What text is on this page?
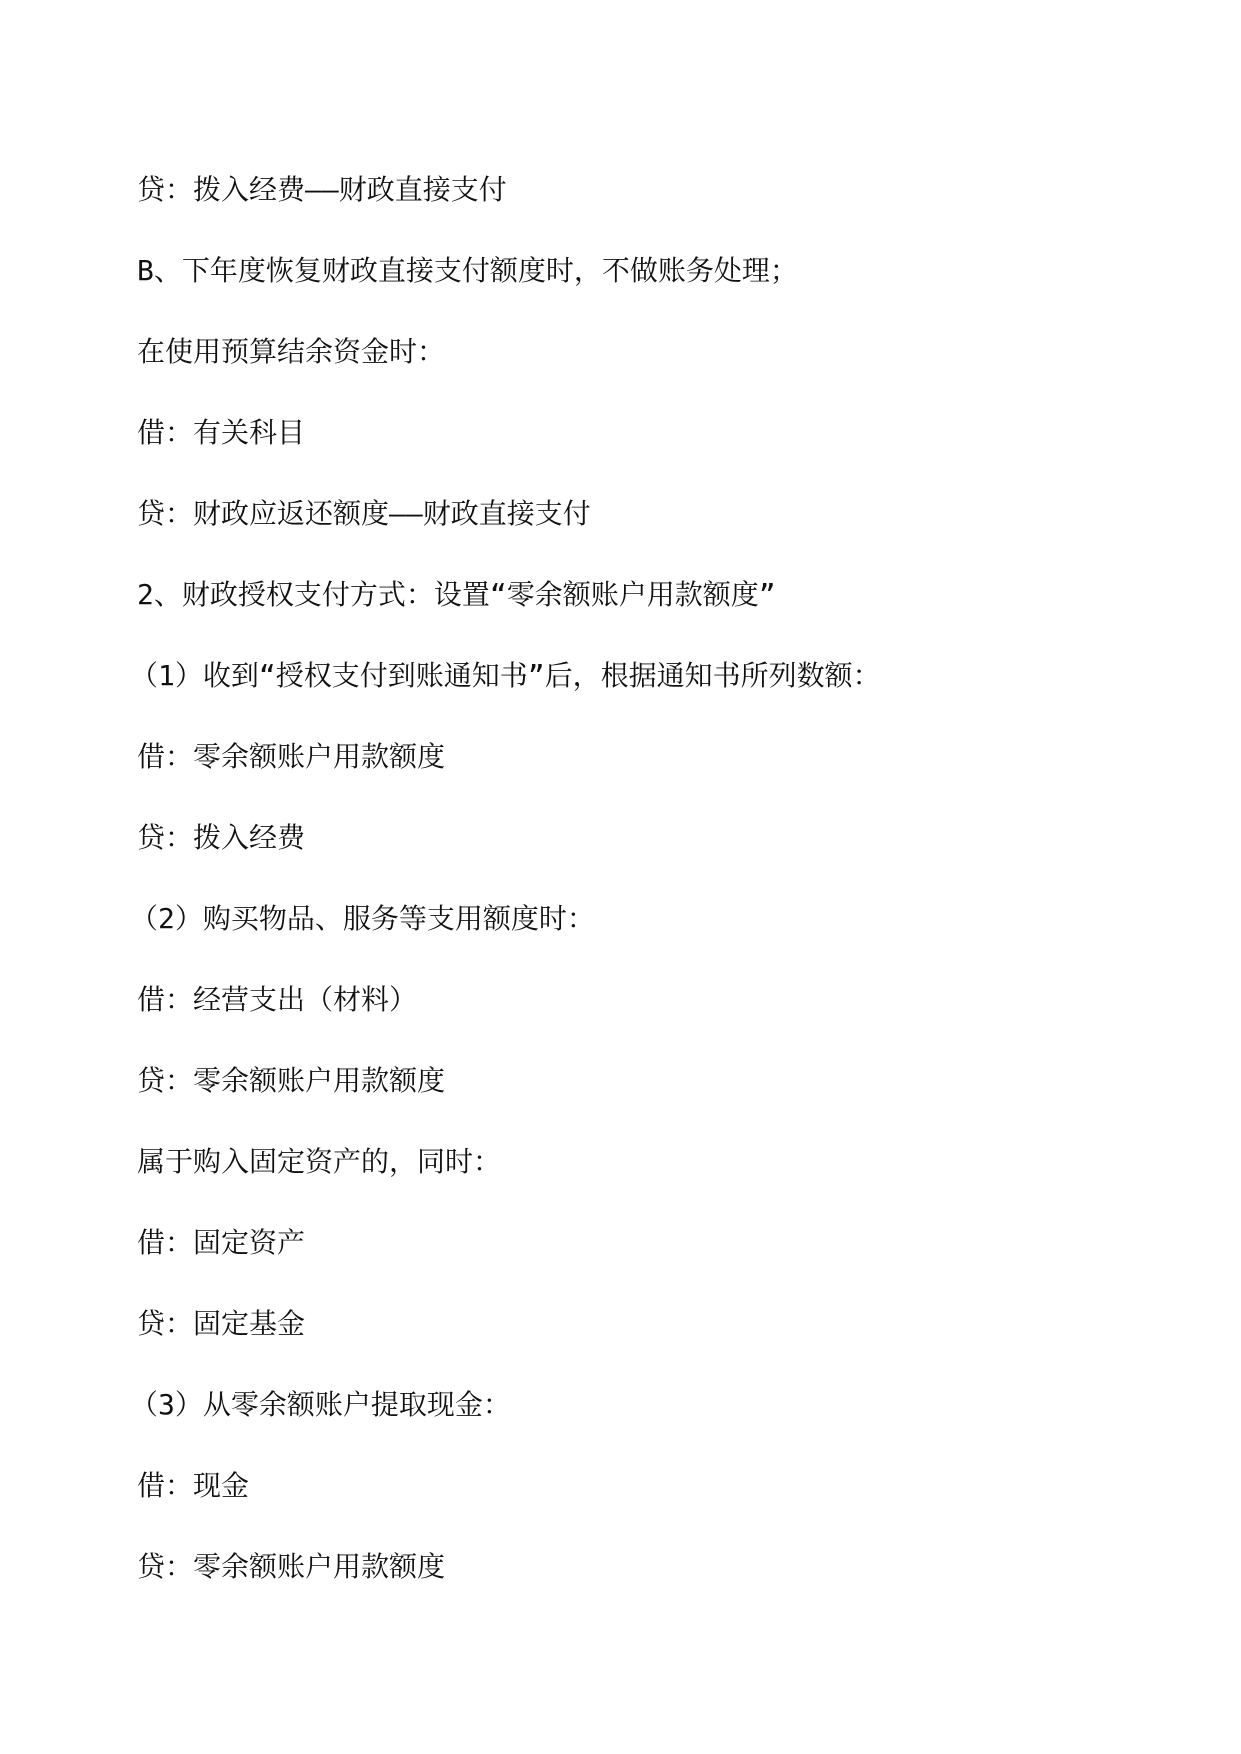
贷：拨入经费——财政直接支付

B、下年度恢复财政直接支付额度时，不做账务处理；

在使用预算结余资金时：

借：有关科目

贷：财政应返还额度——财政直接支付

2、财政授权支付方式：设置“零余额账户用款额度”

（1）收到“授权支付到账通知书”后，根据通知书所列数额：

借：零余额账户用款额度

贷：拨入经费

（2）购买物品、服务等支用额度时：

借：经营支出（材料）

贷：零余额账户用款额度

属于购入固定资产的，同时：

借：固定资产

贷：固定基金

（3）从零余额账户提取现金：

借：现金

贷：零余额账户用款额度
